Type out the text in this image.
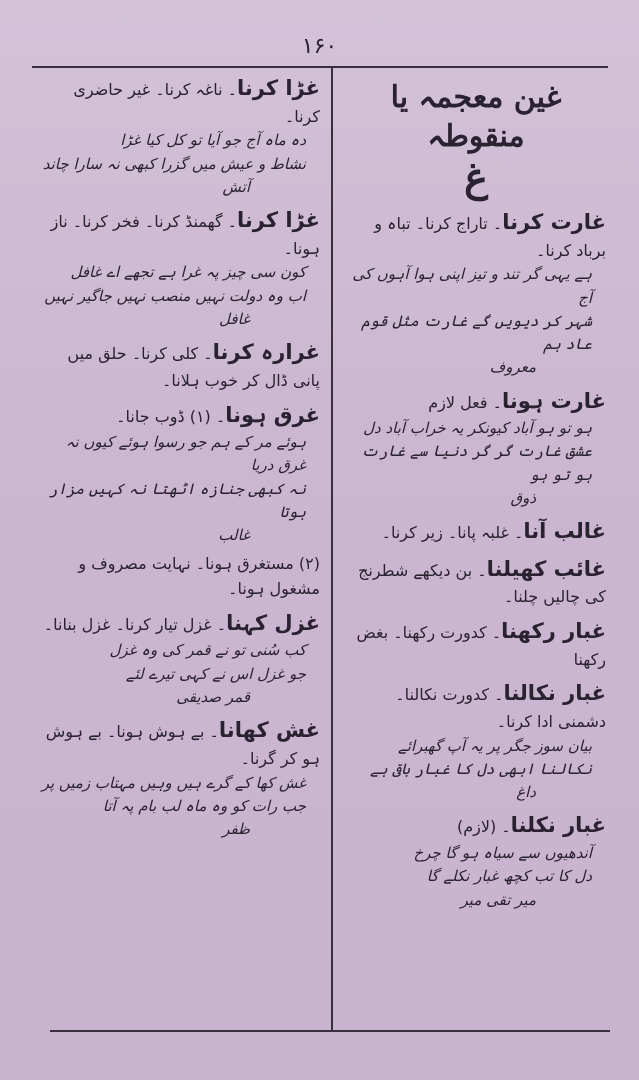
۱۶۰
غین معجمہ یا منقوطہ
غ
غارت کرنا۔ تاراج کرنا۔ تباہ و برباد کرنا۔
ہے یہی گر تند و تیز اپنی ہوا آہوں کی آج
شہر کر دیویں گے غارت مثل قوم عاد ہم
معروف
غارت ہونا۔ فعل لازم
ہو تو ہو آباد کیونکر یہ خراب آباد دل
عشق غارت گر گر دنیا سے غارت ہو تو ہو
ذوق
غالب آنا۔ غلبہ پانا۔ زیر کرنا۔
غائب کھیلنا۔ بن دیکھے شطرنج کی چالیں چلنا۔
غبار رکھنا۔ کدورت رکھنا۔ بغض رکھنا
غبار نکالنا۔ کدورت نکالنا۔ دشمنی ادا کرنا۔
بیان سوز جگر پر یہ آپ گھبرائے
نکالنا ابھی دل کا غبار باقی ہے
داغ
غبار نکلنا۔ (لازم)
آندھیوں سے سیاہ ہو گا چرخ
دل کا تب کچھ غبار نکلے گا
میر تقی میر
غڑا کرنا۔ ناغہ کرنا۔ غیر حاضری کرنا۔
دہ ماہ آج جو آیا تو کل کیا غڑا
نشاط و عیش میں گزرا کبھی نہ سارا چاند
آتش
غڑا کرنا۔ گھمنڈ کرنا۔ فخر کرنا۔ ناز ہونا۔
کون سی چیز پہ غرا ہے تجھے اے غافل
اب وہ دولت نہیں منصب نہیں جاگیر نہیں
غافل
غرارہ کرنا۔ کلی کرنا۔ حلق میں پانی ڈال کر خوب ہلانا۔
غرق ہونا۔ (۱) ڈوب جانا۔
ہوئے مر کے ہم جو رسوا ہوئے کیوں نہ غرق دریا
نہ کبھی جنازہ اٹھتا نہ کہیں مزار ہوتا
غالب
(۲) مستغرق ہونا۔ نہایت مصروف و مشغول ہونا۔
غزل کہنا۔ غزل تیار کرنا۔ غزل بنانا۔
کب سُنی تو نے قمر کی وہ غزل
جو غزل اس نے کہی تیرے لئے
قمر صدیقی
غش کھانا۔ بے ہوش ہونا۔ بے ہوش ہو کر گرنا۔
غش کھا کے گرے ہیں وہیں مہتاب زمیں پر
جب رات کو وہ ماہ لب بام پہ آتا
ظفر
